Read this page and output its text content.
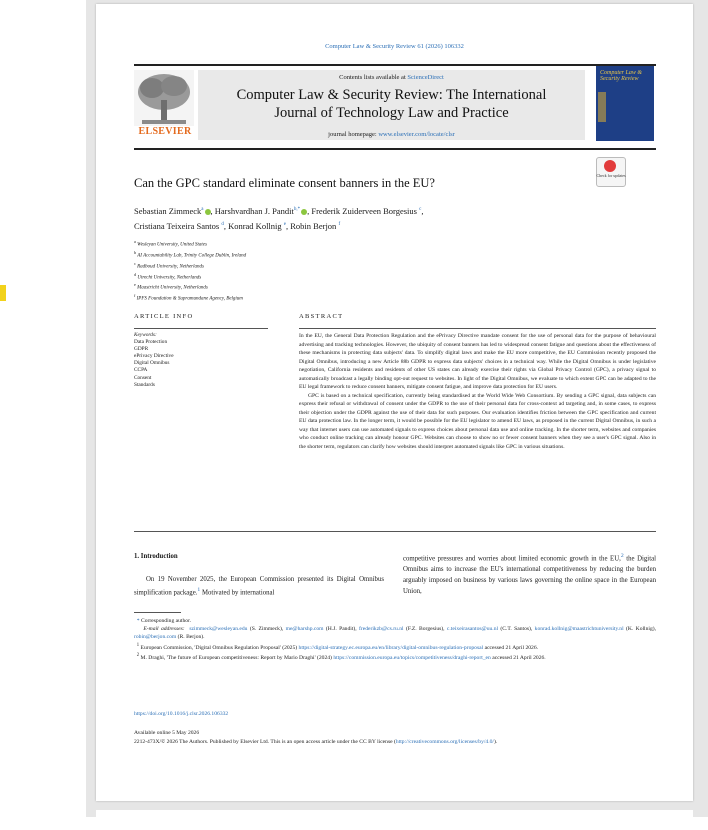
Computer Law & Security Review 61 (2026) 106332
ELSEVIER
Contents lists available at ScienceDirect
Computer Law & Security Review: The International
Journal of Technology Law and Practice
journal homepage: www.elsevier.com/locate/clsr
Computer Law & Security Review
Check for updates
Can the GPC standard eliminate consent banners in the EU?
Sebastian Zimmeck$^a$ , Harshvardhan J. Pandit$^{b,*}$ , Frederik Zuiderveen Borgesius $^c$,
Cristiana Teixeira Santos $^d$, Konrad Kollnig $^e$, Robin Berjon $^f$
$^a$ Wesleyan University, United States
$^b$ AI Accountability Lab, Trinity College Dublin, Ireland
$^c$ Radboud University, Netherlands
$^d$ Utrecht University, Netherlands
$^e$ Maastricht University, Netherlands
$^f$ IPFS Foundation & Supramundane Agency, Belgium
ARTICLE INFO	ABSTRACT
Keywords:
Data Protection
GDPR
ePrivacy Directive
Digital Omnibus
CCPA
Consent
Standards

In the EU, the General Data Protection Regulation and the ePrivacy Directive mandate consent for the use of personal data for the purpose of behavioural advertising and tracking technologies. However, the ubiquity of consent banners has led to widespread consent fatigue and questions about the effectiveness of these mechanisms in protecting data subjects' data. To simplify digital laws and make the EU more competitive, the EU Commission recently proposed the Digital Omnibus, introducing a new Article 88b GDPR to express data subjects' choices in a technical way. While the Digital Omnibus is under legislative negotiation, California residents and residents of other US states can already exercise their rights via Global Privacy Control (GPC), a privacy signal to automatically broadcast a legally binding opt-out request to websites. In light of the Digital Omnibus, we evaluate to which extent GPC can be adapted to the EU legal framework to reduce consent banners, mitigate consent fatigue, and improve data protection for EU users.

GPC is based on a technical specification, currently being standardised at the World Wide Web Consortium. By sending a GPC signal, data subjects can express their refusal or withdrawal of consent under the GDPR to the use of their personal data for cross-context ad targeting and, in some cases, to express their objection under the GDPR against the use of their data for such purposes. Our evaluation identifies friction between the GPC specification and current EU data protection law. In the longer term, it would be possible for the EU legislator to amend EU laws, as proposed in the current Digital Omnibus, in such a way that internet users can use automated signals to express choices about personal data use and online tracking. In the shorter term, websites and companies who conduct online tracking can already honour GPC. Websites can choose to show no or fewer consent banners when they see a user's GPC signal. Also in the shorter term, regulators can clarify how websites should interpret automated signals like GPC in various situations.

1. Introduction
On 19 November 2025, the European Commission presented its Digital Omnibus simplification package.$^1$ Motivated by international
competitive pressures and worries about limited economic growth in the EU,$^2$ the Digital Omnibus aims to increase the EU's international competitiveness by reducing the burden arguably imposed on business by various laws governing the online space in the European Union,

* Corresponding author.

E-mail addresses: szimmeck@wesleyan.edu (S. Zimmeck), me@harshp.com (H.J. Pandit), frederikzb@cs.ru.nl (F.Z. Borgesius), c.teixeirasantos@uu.nl (C.T. Santos), konrad.kollnig@maastrichtuniversity.nl (K. Kollnig), robin@berjon.com (R. Berjon).

$^1$ European Commission, 'Digital Omnibus Regulation Proposal' (2025) https://digital-strategy.ec.europa.eu/en/library/digital-omnibus-regulation-proposal accessed 21 April 2026.

$^2$ M. Draghi, 'The future of European competitiveness: Report by Mario Draghi' (2024) https://commission.europa.eu/topics/competitiveness/draghi-report_en accessed 21 April 2026.

https://doi.org/10.1016/j.clsr.2026.106332
Available online 5 May 2026
2212-473X/© 2026 The Authors. Published by Elsevier Ltd. This is an open access article under the CC BY license (http://creativecommons.org/licenses/by/4.0/).
